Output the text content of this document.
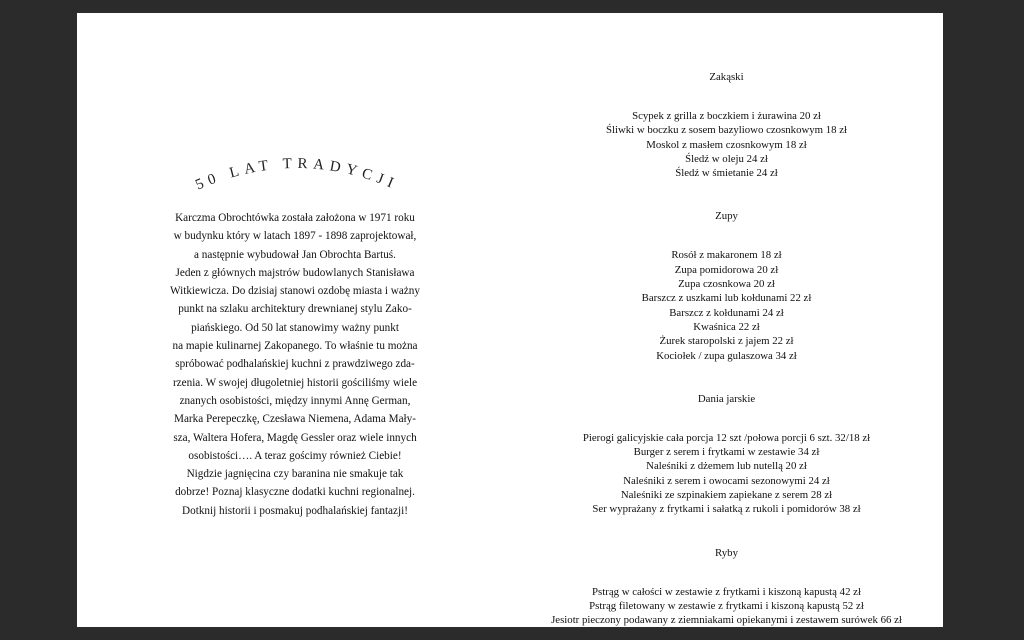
50 LAT TRADYCJI
Karczma Obrochtówka została założona w 1971 roku
w budynku który w latach 1897 - 1898 zaprojektował,
a następnie wybudował Jan Obrochta Bartuś.
Jeden z głównych majstrów budowlanych Stanisława
Witkiewicza. Do dzisiaj stanowi ozdobę miasta i ważny
punkt na szlaku architektury drewnianej stylu Zako-
piańskiego. Od 50 lat stanowimy ważny punkt
na mapie kulinarnej Zakopanego. To właśnie tu można
spróbować podhalańskiej kuchni z prawdziwego zda-
rzenia. W swojej długoletniej historii gościliśmy wiele
znanych osobistości, między innymi Annę German,
Marka Perepeczkę, Czesława Niemena, Adama Mały-
sza, Waltera Hofera, Magdę Gessler oraz wiele innych
osobistości…. A teraz gościmy również Ciebie!
Nigdzie jagnięcina czy baranina nie smakuje tak
dobrze! Poznaj klasyczne dodatki kuchni regionalnej.
Dotknij historii i posmakuj podhalańskiej fantazji!
Zakąski
Scypek z grilla z boczkiem i żurawina 20 zł
Śliwki w boczku z sosem bazyliowo czosnkowym 18 zł
Moskol z masłem czosnkowym 18 zł
Śledź w oleju 24 zł
Śledź w śmietanie 24 zł
Zupy
Rosół z makaronem 18 zł
Zupa pomidorowa 20 zł
Zupa czosnkowa 20 zł
Barszcz z uszkami lub kołdunami 22 zł
Barszcz z kołdunami 24 zł
Kwaśnica 22 zł
Żurek staropolski z jajem 22 zł
Kociołek / zupa gulaszowa 34 zł
Dania jarskie
Pierogi galicyjskie cała porcja 12 szt /połowa porcji 6 szt. 32/18 zł
Burger z serem i frytkami w zestawie 34 zł
Naleśniki z dżemem lub nutellą 20 zł
Naleśniki z serem i owocami sezonowymi 24 zł
Naleśniki ze szpinakiem zapiekane z serem 28 zł
Ser wyprażany z frytkami i sałatką z rukoli i pomidorów 38 zł
Ryby
Pstrąg w całości w zestawie z frytkami i kiszoną kapustą 42 zł
Pstrąg filetowany w zestawie z frytkami i kiszoną kapustą 52 zł
Jesiotr pieczony podawany z ziemniakami opiekanymi i zestawem surówek 66 zł
